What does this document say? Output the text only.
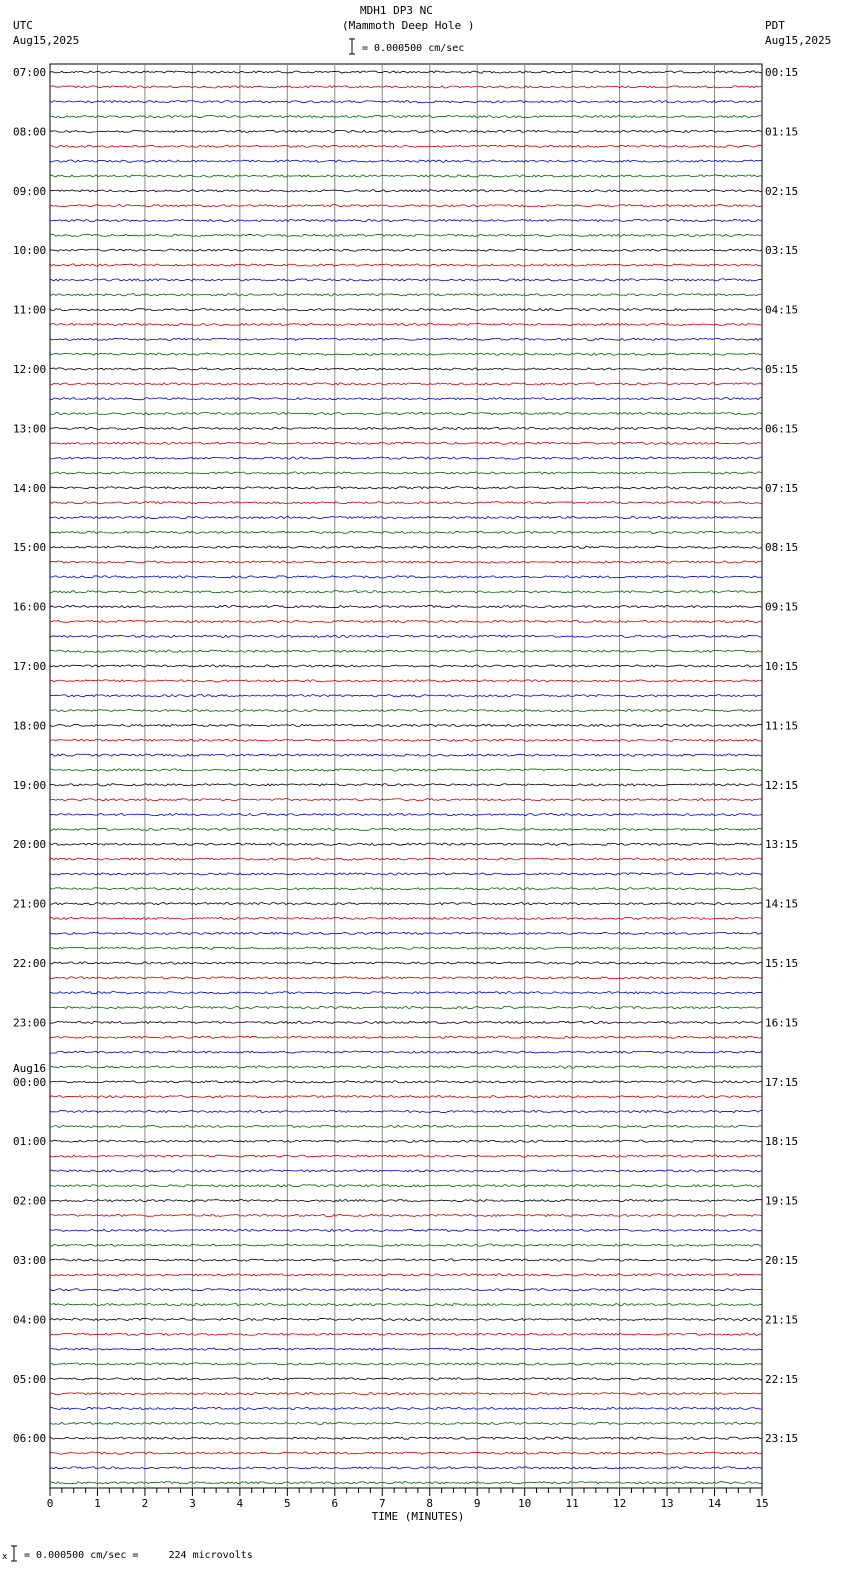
MDH1 DP3 NC
(Mammoth Deep Hole )
UTC
Aug15,2025
PDT
Aug15,2025
= 0.000500 cm/sec
07:00
08:00
09:00
10:00
11:00
12:00
13:00
14:00
15:00
16:00
17:00
18:00
19:00
20:00
21:00
22:00
23:00
Aug16
00:00
01:00
02:00
03:00
04:00
05:00
06:00
00:15
01:15
02:15
03:15
04:15
05:15
06:15
07:15
08:15
09:15
10:15
11:15
12:15
13:15
14:15
15:15
16:15
17:15
18:15
19:15
20:15
21:15
22:15
23:15
0	1	2	3	4	5	6	7	8	9	10	11	12	13	14	15
TIME (MINUTES)
x = 0.000500 cm/sec =     224 microvolts
